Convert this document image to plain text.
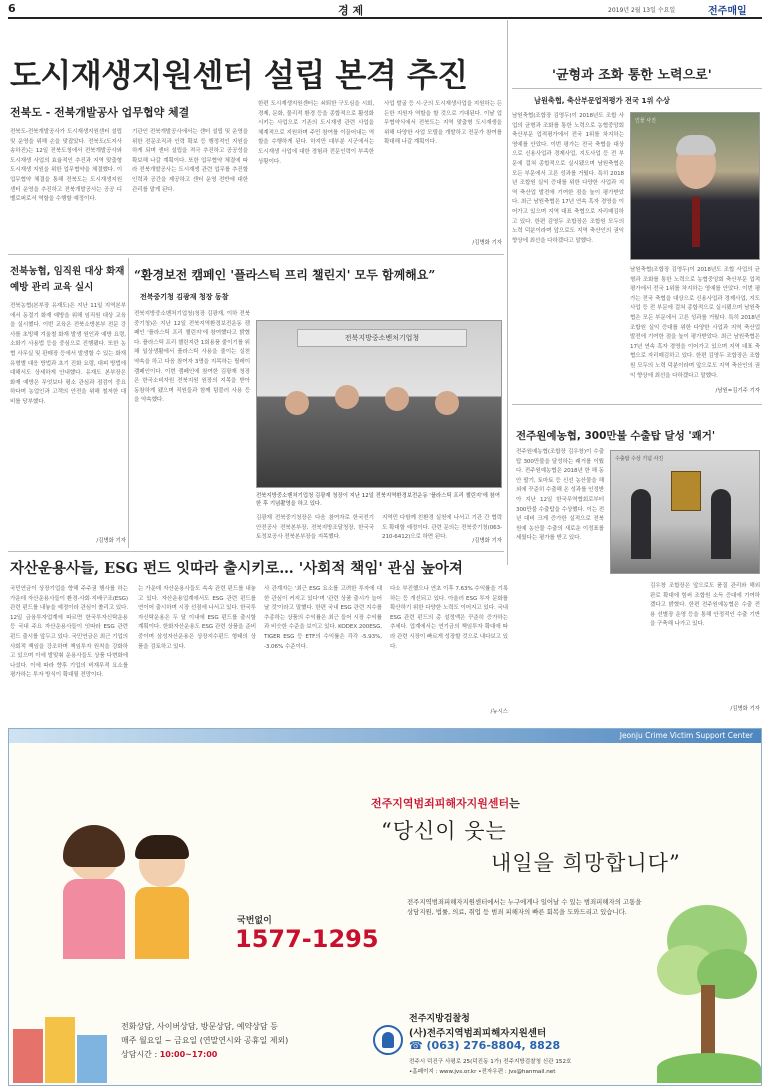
6	경 제	2019년 2월 13일 수요일	전주매일
도시재생지원센터 설립 본격 추진
전북도 - 전북개발공사 업무협약 체결
전북도-전북개발공사가 도시재생지원센터 설립 및 운영을 위해 손을 맞잡았다. 전북도(도지사 송하진)는 12일 전북도청에서 전북개발공사와 도시재생 사업의 효율적인 추진과 지역 맞춤형 도시재생 지원을 위한 업무협약을 체결했다. 이 업무협약 체결을 통해 전북도는 도시재생지원센터 운영을 추진하고 전북개발공사는 공공 디벨로퍼로서 역할을 수행할 예정이다.
기관인 전북개발공사에서는 센터 설립 및 운영을 위한 전문조직과 인력 확보 등 행정적인 지원을 하게 되며 센터 설립을 적극 추진하고 공공성을 확보해 나갈 계획이다. 또한 업무협약 체결에 따라 전북개발공사는 도시재생 관련 업무를 추진할 인력과 공간을 제공하고 센터 운영 전반에 대한 관리를 맡게 된다.
한편 도시재생지원센터는 쇠퇴한 구도심을 시회, 경제, 문화, 물리적 환경 등을 종합적으로 활성화시키는 사업으로 기존의 도시재생 관련 사업을 체계적으로 지원하며 주민 참여를 이끌어내는 역할을 수행하게 된다. 하지만 대부분 시군에서는 도시재생 사업에 대한 경험과 전문인력이 부족한 상황이다.
사업 발굴 등 시·군의 도시재생사업을 지원하는 든든한 지원자 역할을 할 것으로 기대된다. 이날 업무협약식에서 전북도는 지역 맞춤형 도시재생을 위해 다양한 사업 모델을 개발하고 전문가 참여를 확대해 나갈 계획이다.
/김병화 기자
'균형과 조화 통한 노력으로'
남원축협, 축산부문업적평가 전국 1위 수상
남원축협(조합장 김영두)이 2018년도 조합 사업의 균형과 조화를 통한 노력으로 농협중앙회 축산부문 업적평가에서 전국 1위를 차지하는 영예를 안았다. 이번 평가는 전국 축협을 대상으로 신용사업과 경제사업, 지도사업 등 전 부문에 걸쳐 종합적으로 실시됐으며 남원축협은 모든 부문에서 고른 성과를 거뒀다. 특히 2018년 조합원 실익 증대를 위한 다양한 사업과 지역 축산업 발전에 기여한 점을 높이 평가받았다. 최근 남원축협은 17년 연속 흑자 경영을 이어가고 있으며 지역 대표 축협으로 자리매김하고 있다. 한편 김영두 조합장은 조합원 모두의 노력 덕분이라며 앞으로도 지역 축산인의 권익 향상에 최선을 다하겠다고 말했다.
인물 사진
남원축협(조합장 김영두)이 2018년도 조합 사업의 균형과 조화를 통한 노력으로 농협중앙회 축산부문 업적평가에서 전국 1위를 차지하는 영예를 안았다. 이번 평가는 전국 축협을 대상으로 신용사업과 경제사업, 지도사업 등 전 부문에 걸쳐 종합적으로 실시됐으며 남원축협은 모든 부문에서 고른 성과를 거뒀다. 특히 2018년 조합원 실익 증대를 위한 다양한 사업과 지역 축산업 발전에 기여한 점을 높이 평가받았다. 최근 남원축협은 17년 연속 흑자 경영을 이어가고 있으며 지역 대표 축협으로 자리매김하고 있다. 한편 김영두 조합장은 조합원 모두의 노력 덕분이라며 앞으로도 지역 축산인의 권익 향상에 최선을 다하겠다고 말했다.
/남원=김기주 기자
전북농협, 임직원 대상 화재예방 관리 교육 실시
전북농협(본부장 유재도)은 지난 11일 지역본부에서 동절기 화재 예방을 위해 임직원 대상 교육을 실시했다. 이번 교육은 전북소방본부 전문 강사를 초빙해 겨울철 화재 발생 원인과 예방 요령, 소화기 사용법 등을 중심으로 진행됐다. 또한 농협 사무실 및 판매장 등에서 발생할 수 있는 화재 유형별 대응 방법과 초기 진화 요령, 대피 방법에 대해서도 상세하게 안내했다. 유재도 본부장은 화재 예방은 무엇보다 평소 관심과 점검이 중요하다며 농업인과 고객의 안전을 위해 철저한 대비를 당부했다.
/김병화 기자
“환경보전 캠페인 '플라스틱 프리 챌린지' 모두 함께해요”
전북중기청 김광재 청장 동참
전북지방중소벤처기업청(청장 김광재, 이하 전북중기청)은 지난 12일 전북지역환경보전운동 캠페인 '플라스틱 프리 챌린지'에 참여했다고 밝혔다. 플라스틱 프리 챌린지란 1회용품 줄이기를 위해 일상생활에서 플라스틱 사용을 줄이는 실천 약속을 하고 다음 참여자 3명을 지목하는 릴레이 캠페인이다. 이번 캠페인에 참여한 김광재 청장은 한국소비자원 전북지원 원장의 지목을 받아 동참하게 됐으며 직원들과 함께 텀블러 사용 등을 약속했다.
전북지방중소벤처기업청
전북지방중소벤처기업청 김광재 청장이 지난 12일 전북지역환경보전운동 '플라스틱 프리 챌린지'에 참여한 후 기념촬영을 하고 있다.
김광재 전북중기청장은 다음 참여자로 한국전기안전공사 전북본부장, 전북지방조달청장, 한국국토정보공사 전북본부장을 지목했다.
지역민 다함께 친환경 실천에 나서고 기관 간 협력도 확대할 예정이다. 관련 문의는 전북중기청(063-210-6412)으로 하면 된다.
/김병화 기자
전주원예농협, 300만불 수출탑 달성 '쾌거'
전주원예농협(조합장 김우창)이 수출탑 300만불을 달성하는 쾌거를 이뤘다. 전주원예농협은 2018년 한 해 동안 딸기, 토마토 등 신선 농산물을 해외에 꾸준히 수출해 온 성과를 인정받아 지난 12일 한국무역협회로부터 300만불 수출탑을 수상했다. 이는 전년 대비 크게 증가한 실적으로 전북 원예 농산물 수출의 새로운 이정표를 세웠다는 평가를 받고 있다.
수출탑 수상 기념 사진
김우창 조합장은 앞으로도 품질 관리와 해외 판로 확대에 힘써 조합원 소득 증대에 기여하겠다고 밝혔다. 한편 전주원예농협은 수출 전용 선별장 운영 등을 통해 안정적인 수출 기반을 구축해 나가고 있다.
/김병화 기자
자산운용사들, ESG 펀드 잇따라 출시키로… '사회적 책임' 관심 높아져
국민연금이 상장기업을 향해 주주권 행사를 하는 가운데 자산운용사들이 환경·사회·지배구조(ESG) 관련 펀드를 내놓을 예정이라 관심이 쏠리고 있다. 12일 금융투자업계에 따르면 한국투자신탁운용 등 국내 주요 자산운용사들이 잇따라 ESG 관련 펀드 출시를 앞두고 있다. 국민연금은 최근 기업의 사회적 책임을 강조하며 책임투자 원칙을 강화하고 있으며 이에 발맞춰 운용사들도 상품 다변화에 나섰다. 이에 따라 향후 기업의 비재무적 요소를 평가하는 투자 방식이 확대될 전망이다.
는 가운데 자산운용사들도 속속 관련 펀드를 내놓고 있다. 자산운용업계에서도 ESG 관련 펀드를 연이어 출시하며 시장 선점에 나서고 있다. 한국투자신탁운용은 두 달 이내에 ESG 펀드를 출시할 계획이다. 한화자산운용도 ESG 관련 상품을 준비 중이며 삼성자산운용은 상장지수펀드 형태의 상품을 검토하고 있다.
사 관계자는 '최근 ESG 요소를 고려한 투자에 대한 관심이 커지고 있다'며 '관련 상품 출시가 늘어날 것'이라고 말했다. 한편 국내 ESG 관련 지수를 추종하는 상품의 수익률은 최근 들어 시장 수익률과 비슷한 수준을 보이고 있다. KODEX 200ESG, TIGER ESG 등 ETF의 수익률은 각각 -5.93%, -3.06% 수준이다.
다소 부진했으나 연초 이후 7.63% 수익률을 기록하는 등 개선되고 있다. 아울러 ESG 투자 문화를 확산하기 위한 다양한 노력도 이어지고 있다. 국내 ESG 관련 펀드의 총 설정액은 꾸준히 증가하는 추세다. 업계에서는 연기금의 책임투자 확대에 따라 관련 시장이 빠르게 성장할 것으로 내다보고 있다.
/뉴시스
Jeonju Crime Victim Support Center
국번없이
1577-1295
전화상담, 사이버상담, 방문상담, 예약상담 등
매주 월요일 ~ 금요일 (연말연시와 공휴일 제외)
상담시간 : 10:00~17:00
전주지역범죄피해자지원센터는
“당신이 웃는
내일을 희망합니다”
전주지역범죄피해자지원센터에서는 누구에게나 일어날 수 있는 범죄피해자의 고통을 상담지원, 법률, 의료, 취업 등 범죄 피해자의 빠른 회복을 도와드리고 있습니다.
전주지방검찰청
(사)전주지역범죄피해자지원센터
☎ (063) 276-8804, 8828
전주시 덕진구 사평로 25(덕진동 1가) 전주지방검찰청 신관 152호
•홈페이지 : www.jvs.or.kr •전자우편 : jvs@hanmail.net
